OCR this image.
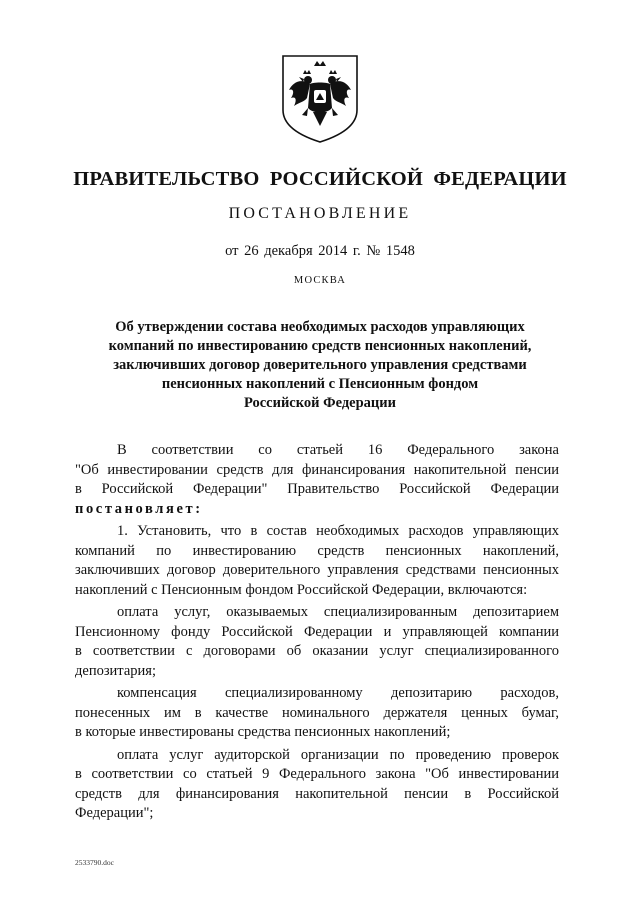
ПРАВИТЕЛЬСТВО РОССИЙСКОЙ ФЕДЕРАЦИИ
ПОСТАНОВЛЕНИЕ
от 26 декабря 2014 г. № 1548
МОСКВА
Об утверждении состава необходимых расходов управляющих
компаний по инвестированию средств пенсионных накоплений,
заключивших договор доверительного управления средствами
пенсионных накоплений с Пенсионным фондом
Российской Федерации
В соответствии со статьей 16 Федерального закона
"Об инвестировании средств для финансирования накопительной пенсии
в Российской Федерации" Правительство Российской Федерации
постановляет:
1. Установить, что в состав необходимых расходов управляющих
компаний по инвестированию средств пенсионных накоплений,
заключивших договор доверительного управления средствами пенсионных
накоплений с Пенсионным фондом Российской Федерации, включаются:
оплата услуг, оказываемых специализированным депозитарием
Пенсионному фонду Российской Федерации и управляющей компании
в соответствии с договорами об оказании услуг специализированного
депозитария;
компенсация специализированному депозитарию расходов,
понесенных им в качестве номинального держателя ценных бумаг,
в которые инвестированы средства пенсионных накоплений;
оплата услуг аудиторской организации по проведению проверок
в соответствии со статьей 9 Федерального закона "Об инвестировании
средств для финансирования накопительной пенсии в Российской
Федерации";
2533790.doc
